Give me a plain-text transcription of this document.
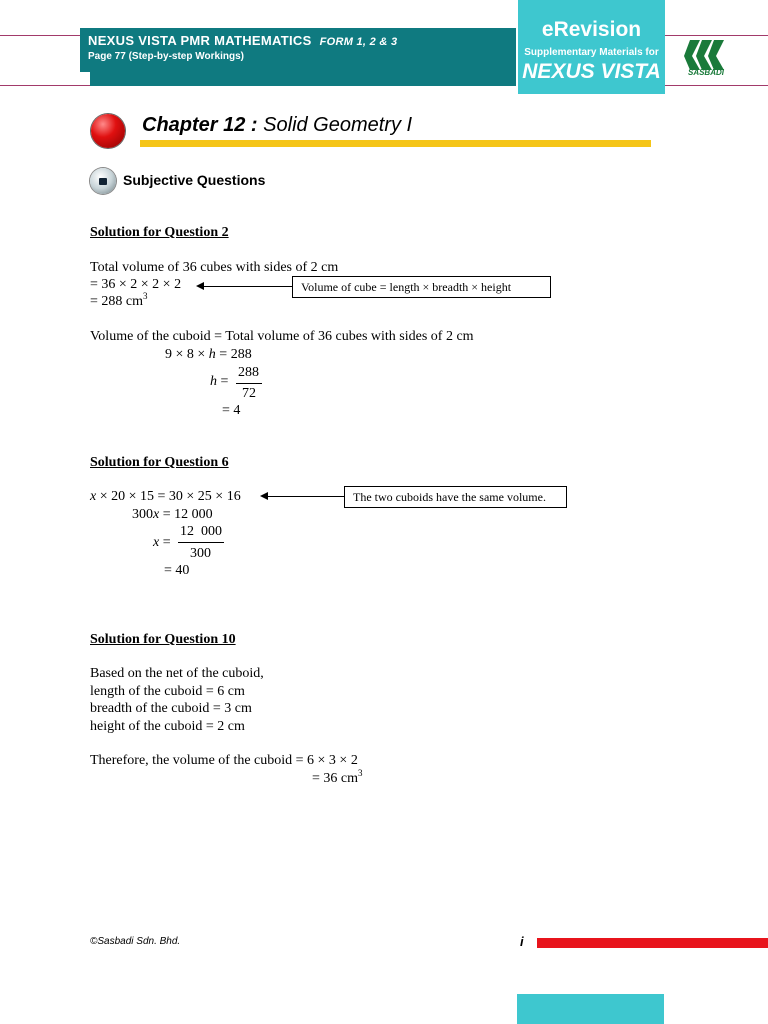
NEXUS VISTA PMR MATHEMATICS FORM 1, 2 & 3
Page 77 (Step-by-step Workings)
eRevision
Supplementary Materials for
NEXUS VISTA	SASBADI
Chapter 12 : Solid Geometry I
Subjective Questions
Solution for Question 2
Total volume of 36 cubes with sides of 2 cm
= 36 × 2 × 2 × 2
= 288 $cm^3$
Volume of cube = length × breadth × height
Volume of the cuboid = Total volume of 36 cubes with sides of 2 cm
9 × 8 × h = 288
h =
288
72
= 4
Solution for Question 6
x × 20 × 15 = 30 × 25 × 16	The two cuboids have the same volume.
300x = 12 000
x =
12  000
300
= 40
Solution for Question 10
Based on the net of the cuboid,
length of the cuboid = 6 cm
breadth of the cuboid = 3 cm
height of the cuboid = 2 cm
Therefore, the volume of the cuboid = 6 × 3 × 2
= 36 $cm^3$
©Sasbadi Sdn. Bhd.	i
